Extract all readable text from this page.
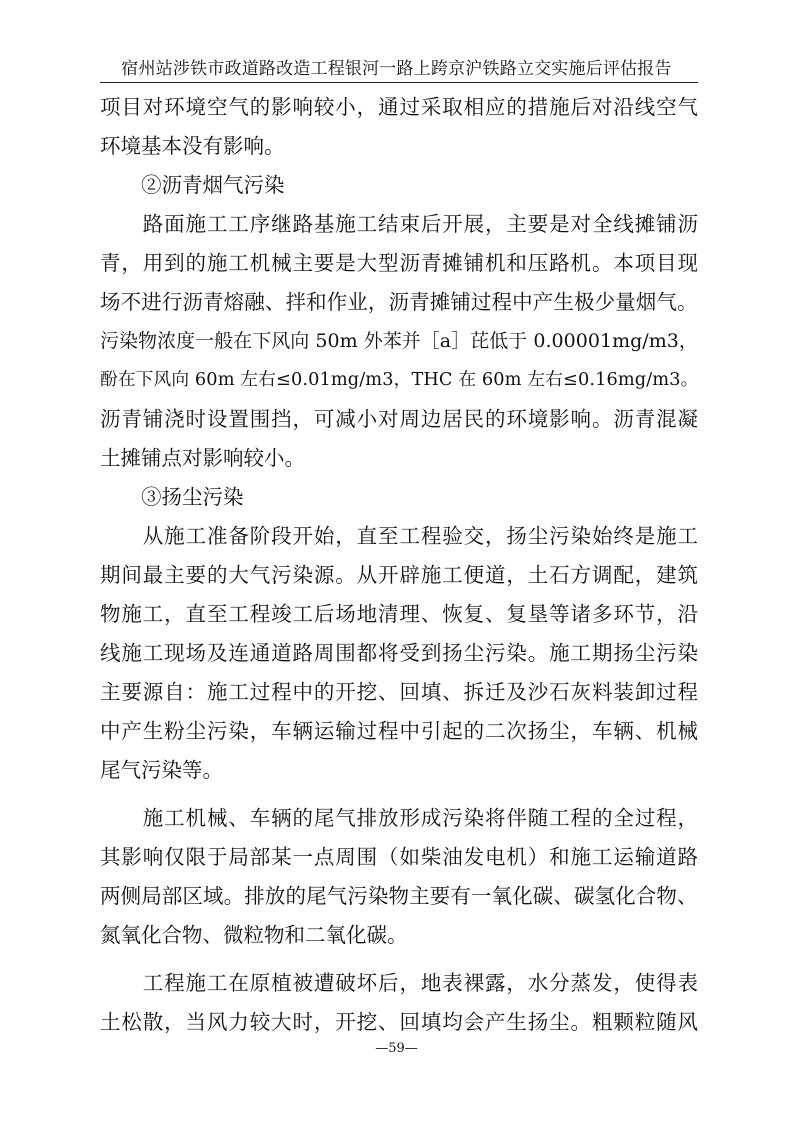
宿州站涉铁市政道路改造工程银河一路上跨京沪铁路立交实施后评估报告
项目对环境空气的影响较小，通过采取相应的措施后对沿线空气
环境基本没有影响。
　　②沥青烟气污染
　　路面施工工序继路基施工结束后开展，主要是对全线摊铺沥
青，用到的施工机械主要是大型沥青摊铺机和压路机。本项目现
场不进行沥青熔融、拌和作业，沥青摊铺过程中产生极少量烟气。
污染物浓度一般在下风向 50m 外苯并［a］芘低于 0.00001mg/m3，
酚在下风向 60m 左右≤0.01mg/m3，THC 在 60m 左右≤0.16mg/m3。
沥青铺浇时设置围挡，可减小对周边居民的环境影响。沥青混凝
土摊铺点对影响较小。
　　③扬尘污染
　　从施工准备阶段开始，直至工程验交，扬尘污染始终是施工
期间最主要的大气污染源。从开辟施工便道，土石方调配，建筑
物施工，直至工程竣工后场地清理、恢复、复垦等诸多环节，沿
线施工现场及连通道路周围都将受到扬尘污染。施工期扬尘污染
主要源自：施工过程中的开挖、回填、拆迁及沙石灰料装卸过程
中产生粉尘污染，车辆运输过程中引起的二次扬尘，车辆、机械
尾气污染等。
　　施工机械、车辆的尾气排放形成污染将伴随工程的全过程，
其影响仅限于局部某一点周围（如柴油发电机）和施工运输道路
两侧局部区域。排放的尾气污染物主要有一氧化碳、碳氢化合物、
氮氧化合物、微粒物和二氧化碳。
　　工程施工在原植被遭破坏后，地表裸露，水分蒸发，使得表
土松散，当风力较大时，开挖、回填均会产生扬尘。粗颗粒随风
—59—
